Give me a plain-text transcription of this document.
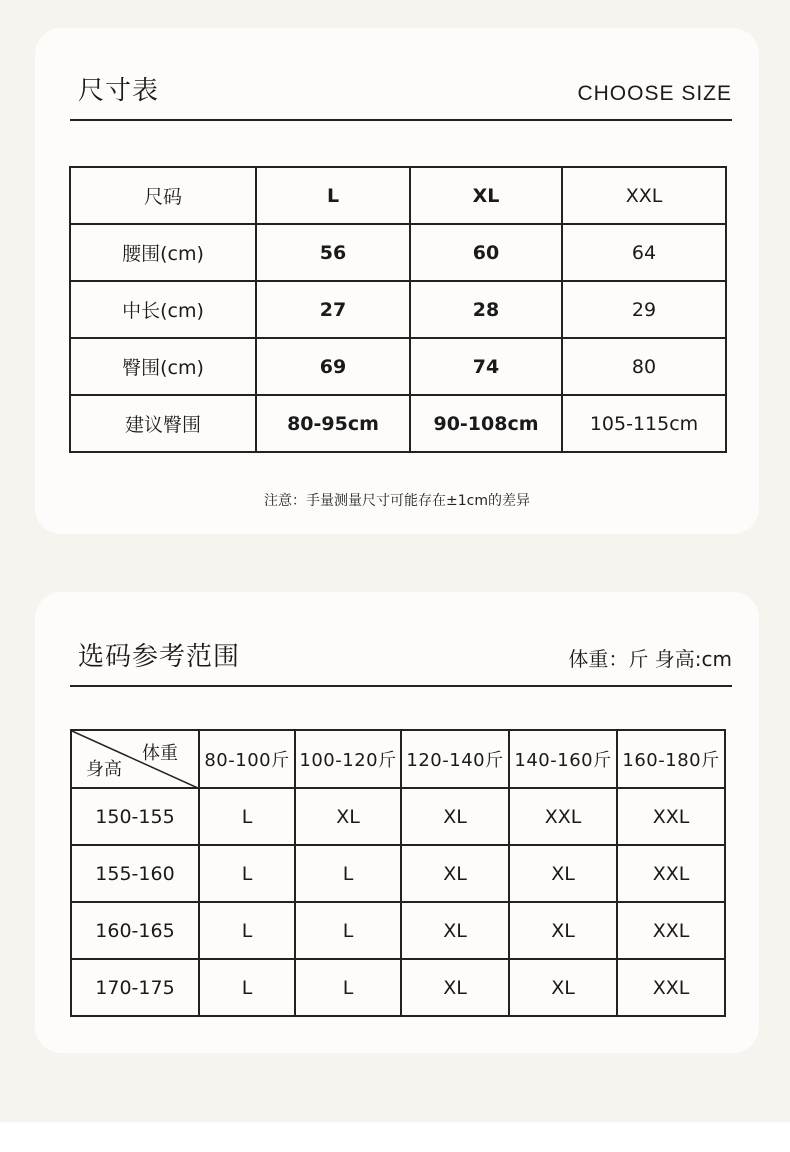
尺寸表	CHOOSE SIZE
尺码	L	XL	XXL
腰围(cm)	56	60	64
中长(cm)	27	28	29
臀围(cm)	69	74	80
建议臀围	80-95cm	90-108cm	105-115cm
注意：手量测量尺寸可能存在±1cm的差异
选码参考范围	体重：斤 身高:cm
体重
身高	80-100斤	100-120斤	120-140斤	140-160斤	160-180斤
150-155	L	XL	XL	XXL	XXL
155-160	L	L	XL	XL	XXL
160-165	L	L	XL	XL	XXL
170-175	L	L	XL	XL	XXL
